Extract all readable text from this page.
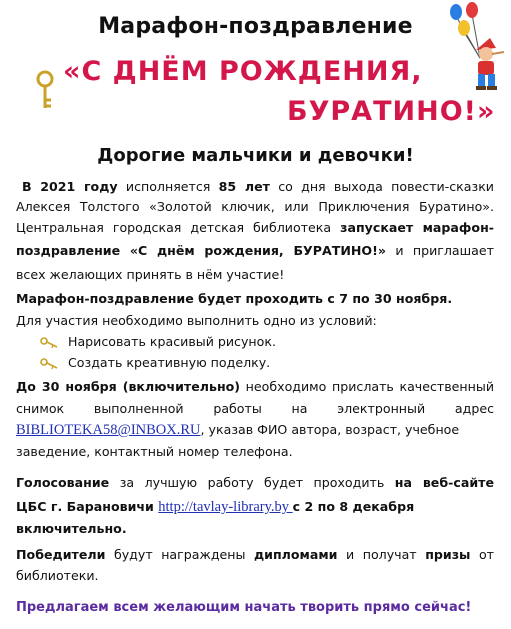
Марафон-поздравление
«С ДНЁМ РОЖДЕНИЯ,
БУРАТИНО!»
Дорогие мальчики и девочки!
В 2021 году исполняется 85 лет со дня выхода повести-сказки
Алексея Толстого «Золотой ключик, или Приключения Буратино».
Центральная городская детская библиотека запускает марафон-
поздравление «С днём рождения, БУРАТИНО!» и приглашает
всех желающих принять в нём участие!
Марафон-поздравление будет проходить с 7 по 30 ноября.
Для участия необходимо выполнить одно из условий:
Нарисовать красивый рисунок.
Создать креативную поделку.
До 30 ноября (включительно) необходимо прислать качественный
снимок выполненной работы на электронный адрес
BIBLIOTEKA58@INBOX.RU, указав ФИО автора, возраст, учебное
заведение, контактный номер телефона.
Голосование за лучшую работу будет проходить на веб-сайте
ЦБС г. Барановичи http://tavlay-library.by с 2 по 8 декабря
включительно.
Победители будут награждены дипломами и получат призы от
библиотеки.
Предлагаем всем желающим начать творить прямо сейчас!
